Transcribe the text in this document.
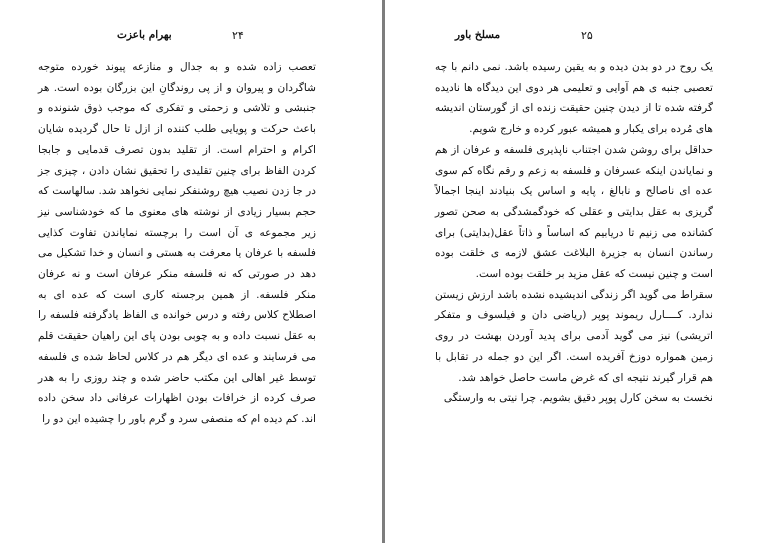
بهرام باعزت	۲۴

تعصب زاده شده و به جدال و منازعه پیوند خورده متوجه شاگردان و پیروان و از پی روندگانِ این بزرگان بوده است. هر جنبشی و تلاشی و زحمتی و تفکری که موجب ذوق شنونده و باعث حرکت و پویایی طلب کننده از ازل تا حال گردیده شایان اکرام و احترام است. از تقلید بدون تصرف قدمایی و جابجا کردن الفاظ برای چنین تقلیدی را تحقیق نشان دادن ، چیزی جز در جا زدن نصیب هیچ روشنفکر نمایی نخواهد شد. سالهاست که حجم بسیار زیادی از نوشته های معنوی ما که خودشناسی نیز زیر مجموعه ی آن است را برچسته نمایاندن تفاوت کذایی فلسفه با عرفان یا معرفت به هستی و انسان و خدا تشکیل می دهد در صورتی که نه فلسفه منکر عرفان است و نه عرفان منکر فلسفه. از همین برجسته کاری است که عده ای به اصطلاح کلاس رفته و درس خوانده ی الفاظ یادگرفته فلسفه را به عقل نسبت داده و به چوبی بودن پای این راهیان حقیقت قلم می فرسایند و عده ای دیگر هم در کلاس لحاظ شده ی فلسفه توسط غیر اهالی این مکتب حاضر شده و چند روزی را به هدر صرف کرده از خرافات بودن اظهارات عرفانی داد سخن داده اند. کم دیده ام که منصفی سرد و گرم باور را چشیده این دو را

مسلخ باور	۲۵

یک روح در دو بدن دیده و به یقین رسیده باشد. نمی دانم با چه تعصبی جنبه ی هم آوایی و تعلیمی هر دوی این دیدگاه ها نادیده گرفته شده تا از دیدن چنین حقیقت زنده ای از گورستان اندیشه های مُرده برای یکبار و همیشه عبور کرده و خارج شویم.

حداقل برای روشن شدن اجتناب ناپذیری فلسفه و عرفان از هم و نمایاندن اینکه عسرفان و فلسفه به زعم و رقم نگاه کم سوی عده ای ناصالح و نابالغ ، پایه و اساس یک بنیادند اینجا اجمالاً گریزی به عقل بدایتی و عقلی که خودگمشدگی به صحن تصور کشانده می زنیم تا دریابیم که اساساً و ذاتاً عقل(بدایتی) برای رساندن انسان به جزیرة البلاغت عشق لازمه ی خلقت بوده است و چنین نیست که عقل مزید بر خلقت بوده است.

سقراط می گوید اگر زندگی اندیشیده نشده باشد ارزش زیستن ندارد. کــــارل ریموند پوپر (ریاضی دان و فیلسوف و متفکر اتریشی) نیز می گوید آدمی برای پدید آوردن بهشت در روی زمین همواره دوزخ آفریده است. اگر این دو جمله در تقابل با هم قرار گیرند نتیجه ای که غرض ماست حاصل خواهد شد.

نخست به سخن کارل پوپر دقیق بشویم. چرا نیتی به وارستگی
